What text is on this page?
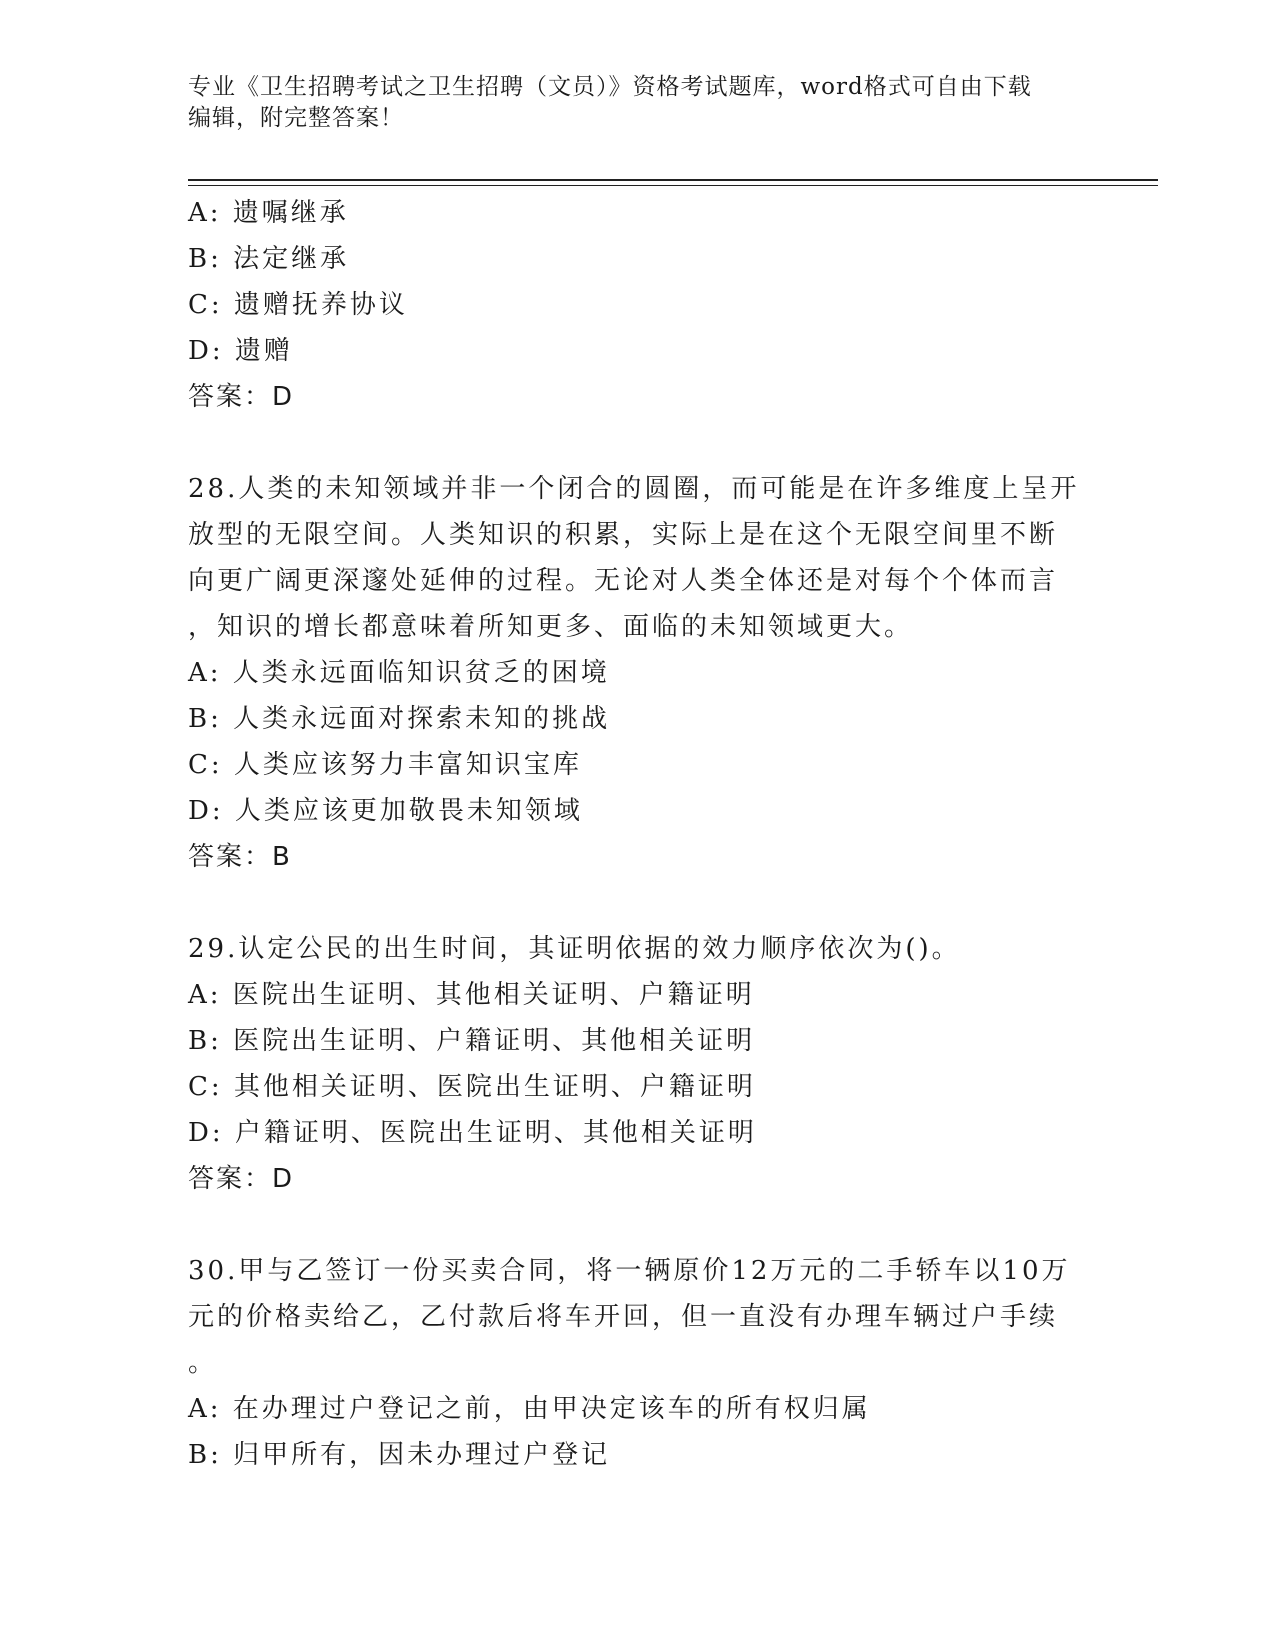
专业《卫生招聘考试之卫生招聘（文员）》资格考试题库，word格式可自由下载
编辑，附完整答案！
A: 遗嘱继承
B: 法定继承
C: 遗赠抚养协议
D: 遗赠
答案：D
28.人类的未知领域并非一个闭合的圆圈，而可能是在许多维度上呈开
放型的无限空间。人类知识的积累，实际上是在这个无限空间里不断
向更广阔更深邃处延伸的过程。无论对人类全体还是对每个个体而言
，知识的增长都意味着所知更多、面临的未知领域更大。
A: 人类永远面临知识贫乏的困境
B: 人类永远面对探索未知的挑战
C: 人类应该努力丰富知识宝库
D: 人类应该更加敬畏未知领域
答案：B
29.认定公民的出生时间，其证明依据的效力顺序依次为()。
A: 医院出生证明、其他相关证明、户籍证明
B: 医院出生证明、户籍证明、其他相关证明
C: 其他相关证明、医院出生证明、户籍证明
D: 户籍证明、医院出生证明、其他相关证明
答案：D
30.甲与乙签订一份买卖合同，将一辆原价12万元的二手轿车以10万
元的价格卖给乙，乙付款后将车开回，但一直没有办理车辆过户手续
。
A: 在办理过户登记之前，由甲决定该车的所有权归属
B: 归甲所有，因未办理过户登记
